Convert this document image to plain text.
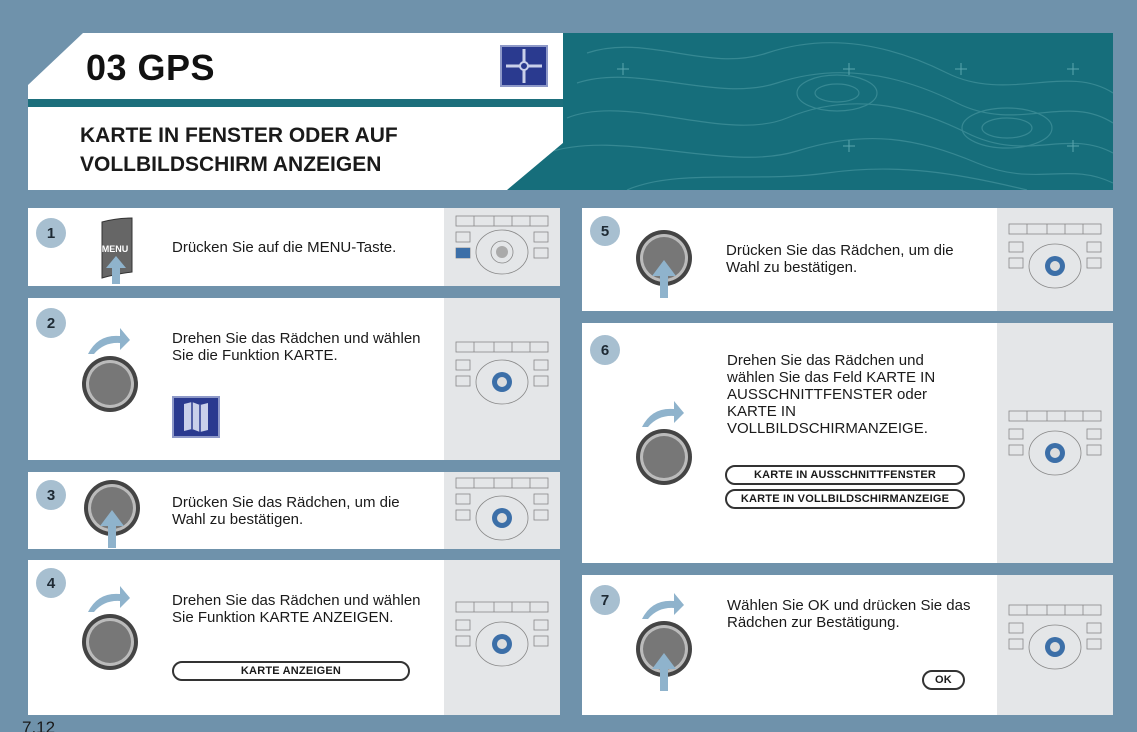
03 GPS
KARTE IN FENSTER ODER AUF
VOLLBILDSCHIRM ANZEIGEN
1
MENU	Drücken Sie auf die MENU-Taste.
2
Drehen Sie das Rädchen und wählen Sie die Funktion KARTE.
3	Drücken Sie das Rädchen, um die Wahl zu bestätigen.
4
Drehen Sie das Rädchen und wählen Sie Funktion KARTE ANZEIGEN.
KARTE ANZEIGEN
5
Drücken Sie das Rädchen, um die Wahl zu bestätigen.
6
Drehen Sie das Rädchen und wählen Sie das Feld KARTE IN AUSSCHNITTFENSTER oder KARTE IN VOLLBILDSCHIRMANZEIGE.
KARTE IN AUSSCHNITTFENSTER
KARTE IN VOLLBILDSCHIRMANZEIGE
7	Wählen Sie OK und drücken Sie das Rädchen zur Bestätigung.
OK
7.12
